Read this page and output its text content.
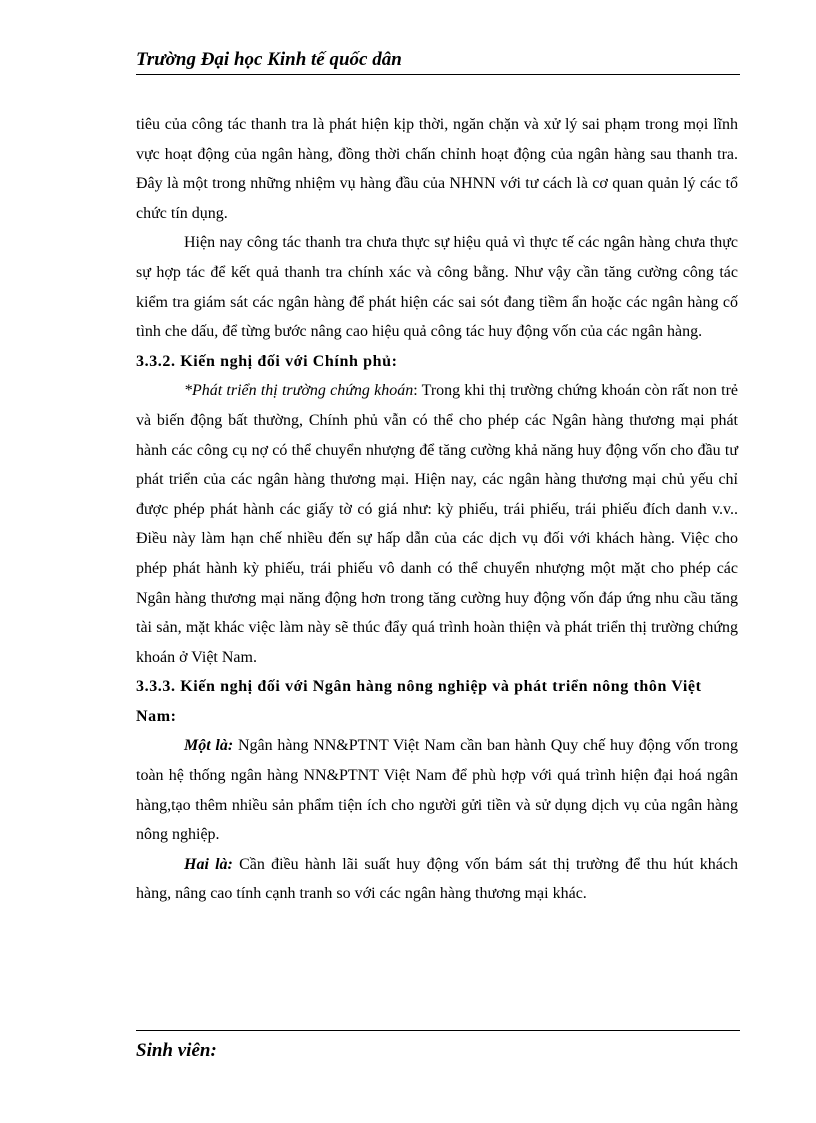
Trường Đại học Kinh tế quốc dân

tiêu của công tác thanh tra là phát hiện kịp thời, ngăn chặn và xử lý sai phạm trong mọi lĩnh vực hoạt động của ngân hàng, đồng thời chấn chỉnh hoạt động của ngân hàng sau thanh tra. Đây là một trong những nhiệm vụ hàng đầu của NHNN với tư cách là cơ quan quản lý các tổ chức tín dụng.

Hiện nay công tác thanh tra chưa thực sự hiệu quả vì thực tế các ngân hàng chưa thực sự hợp tác để kết quả thanh tra chính xác và công bằng. Như vậy cần tăng cường công tác kiểm tra giám sát các ngân hàng để phát hiện các sai sót đang tiềm ẩn hoặc các ngân hàng cố tình che dấu, để từng bước nâng cao hiệu quả công tác huy động vốn của các ngân hàng.

3.3.2. Kiến nghị đối với Chính phủ:

*Phát triển thị trường chứng khoán: Trong khi thị trường chứng khoán còn rất non trẻ và biến động bất thường, Chính phủ vẫn có thể cho phép các Ngân hàng thương mại phát hành các công cụ nợ có thể chuyển nhượng để tăng cường khả năng huy động vốn cho đầu tư phát triển của các ngân hàng thương mại. Hiện nay, các ngân hàng thương mại chủ yếu chỉ được phép phát hành các giấy tờ có giá như: kỳ phiếu, trái phiếu, trái phiếu đích danh v.v.. Điều này làm hạn chế nhiều đến sự hấp dẫn của các dịch vụ đối với khách hàng. Việc cho phép phát hành kỳ phiếu, trái phiếu vô danh có thể chuyển nhượng một mặt cho phép các Ngân hàng thương mại năng động hơn trong tăng cường huy động vốn đáp ứng nhu cầu tăng tài sản, mặt khác việc làm này sẽ thúc đẩy quá trình hoàn thiện và phát triển thị trường chứng khoán ở Việt Nam.

3.3.3. Kiến nghị đối với Ngân hàng nông nghiệp và phát triển nông thôn Việt Nam:

Một là: Ngân hàng NN&PTNT Việt Nam cần ban hành Quy chế huy động vốn trong toàn hệ thống ngân hàng NN&PTNT Việt Nam để phù hợp với quá trình hiện đại hoá ngân hàng,tạo thêm nhiều sản phẩm tiện ích cho người gửi tiền và sử dụng dịch vụ của ngân hàng nông nghiệp.

Hai là: Cần điều hành lãi suất huy động vốn bám sát thị trường để thu hút khách hàng, nâng cao tính cạnh tranh so với các ngân hàng thương mại khác.

Sinh viên:
